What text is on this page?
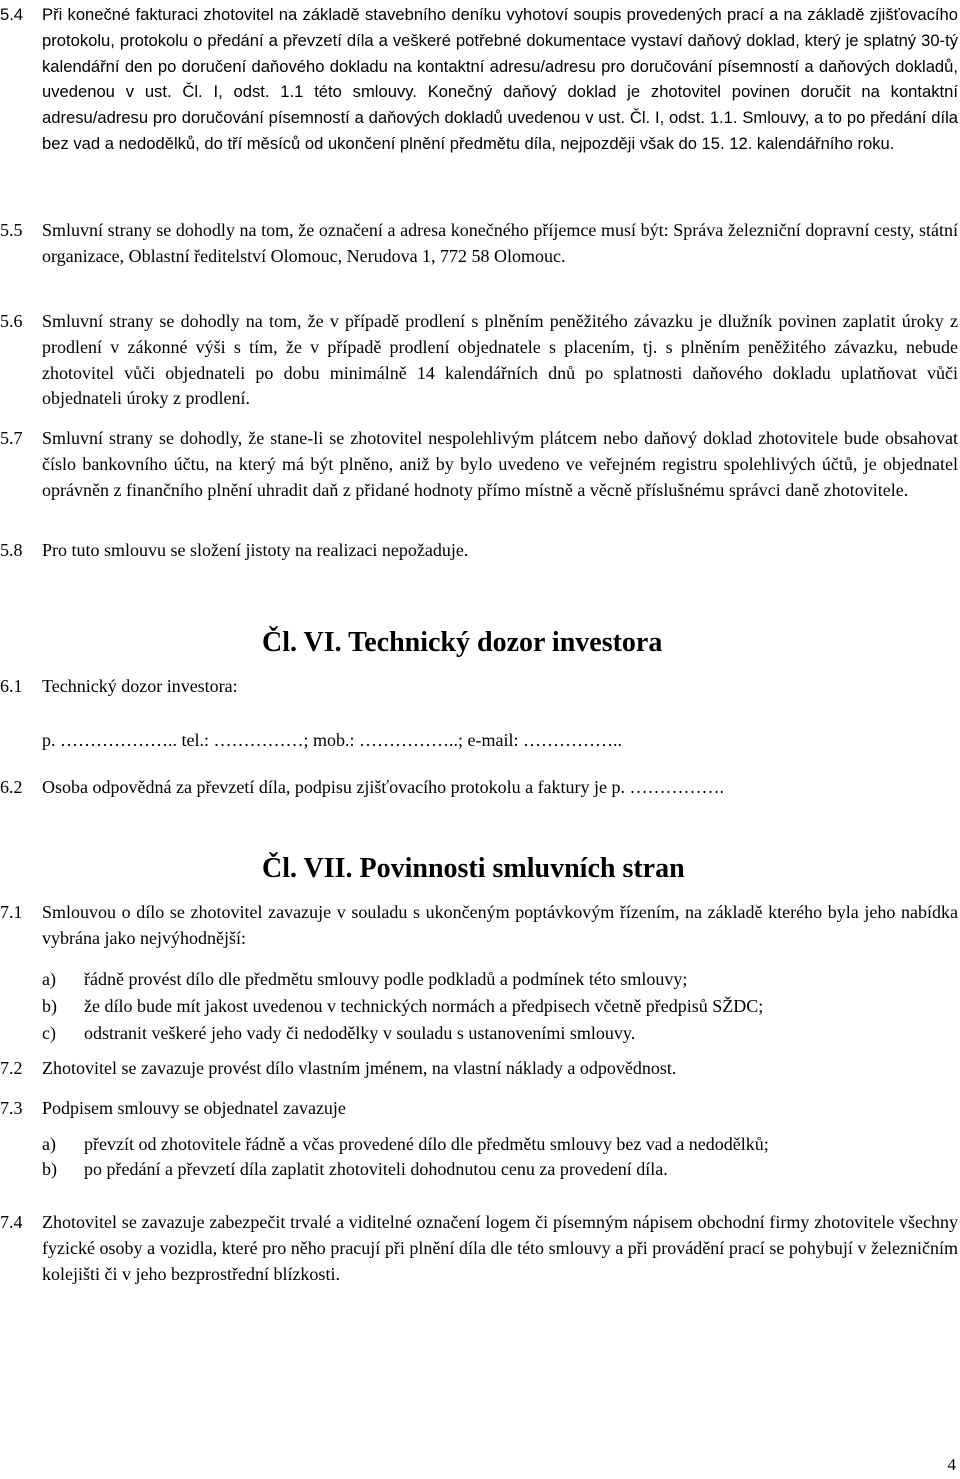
5.4 Při konečné fakturaci zhotovitel na základě stavebního deníku vyhotoví soupis provedených prací a na základě zjišťovacího protokolu, protokolu o předání a převzetí díla a veškeré potřebné dokumentace vystaví daňový doklad, který je splatný 30-tý kalendářní den po doručení daňového dokladu na kontaktní adresu/adresu pro doručování písemností a daňových dokladů, uvedenou v ust. Čl. I, odst. 1.1 této smlouvy. Konečný daňový doklad je zhotovitel povinen doručit na kontaktní adresu/adresu pro doručování písemností a daňových dokladů uvedenou v ust. Čl. I, odst. 1.1. Smlouvy, a to po předání díla bez vad a nedodělků, do tří měsíců od ukončení plnění předmětu díla, nejpozději však do 15. 12. kalendářního roku.
5.5 Smluvní strany se dohodly na tom, že označení a adresa konečného příjemce musí být: Správa železniční dopravní cesty, státní organizace, Oblastní ředitelství Olomouc, Nerudova 1, 772 58 Olomouc.
5.6 Smluvní strany se dohodly na tom, že v případě prodlení s plněním peněžitého závazku je dlužník povinen zaplatit úroky z prodlení v zákonné výši s tím, že v případě prodlení objednatele s placením, tj. s plněním peněžitého závazku, nebude zhotovitel vůči objednateli po dobu minimálně 14 kalendářních dnů po splatnosti daňového dokladu uplatňovat vůči objednateli úroky z prodlení.
5.7 Smluvní strany se dohodly, že stane-li se zhotovitel nespolehlivým plátcem nebo daňový doklad zhotovitele bude obsahovat číslo bankovního účtu, na který má být plněno, aniž by bylo uvedeno ve veřejném registru spolehlivých účtů, je objednatel oprávněn z finančního plnění uhradit daň z přidané hodnoty přímo místně a věcně příslušnému správci daně zhotovitele.
5.8 Pro tuto smlouvu se složení jistoty na realizaci nepožaduje.
Čl. VI. Technický dozor investora
6.1 Technický dozor investora:
p. ……………….. tel.: ……………; mob.: ……………..; e-mail: ……………..
6.2 Osoba odpovědná za převzetí díla, podpisu zjišťovacího protokolu a faktury je p. …………….
Čl. VII. Povinnosti smluvních stran
7.1 Smlouvou o dílo se zhotovitel zavazuje v souladu s ukončeným poptávkovým řízením, na základě kterého byla jeho nabídka vybrána jako nejvýhodnější:
a) řádně provést dílo dle předmětu smlouvy podle podkladů a podmínek této smlouvy;
b) že dílo bude mít jakost uvedenou v technických normách a předpisech včetně předpisů SŽDC;
c) odstranit veškeré jeho vady či nedodělky v souladu s ustanoveními smlouvy.
7.2 Zhotovitel se zavazuje provést dílo vlastním jménem, na vlastní náklady a odpovědnost.
7.3 Podpisem smlouvy se objednatel zavazuje
a) převzít od zhotovitele řádně a včas provedené dílo dle předmětu smlouvy bez vad a nedodělků;
b) po předání a převzetí díla zaplatit zhotoviteli dohodnutou cenu za provedení díla.
7.4 Zhotovitel se zavazuje zabezpečit trvalé a viditelné označení logem či písemným nápisem obchodní firmy zhotovitele všechny fyzické osoby a vozidla, které pro něho pracují při plnění díla dle této smlouvy a při provádění prací se pohybují v železničním kolejišti či v jeho bezprostřední blízkosti.
4
